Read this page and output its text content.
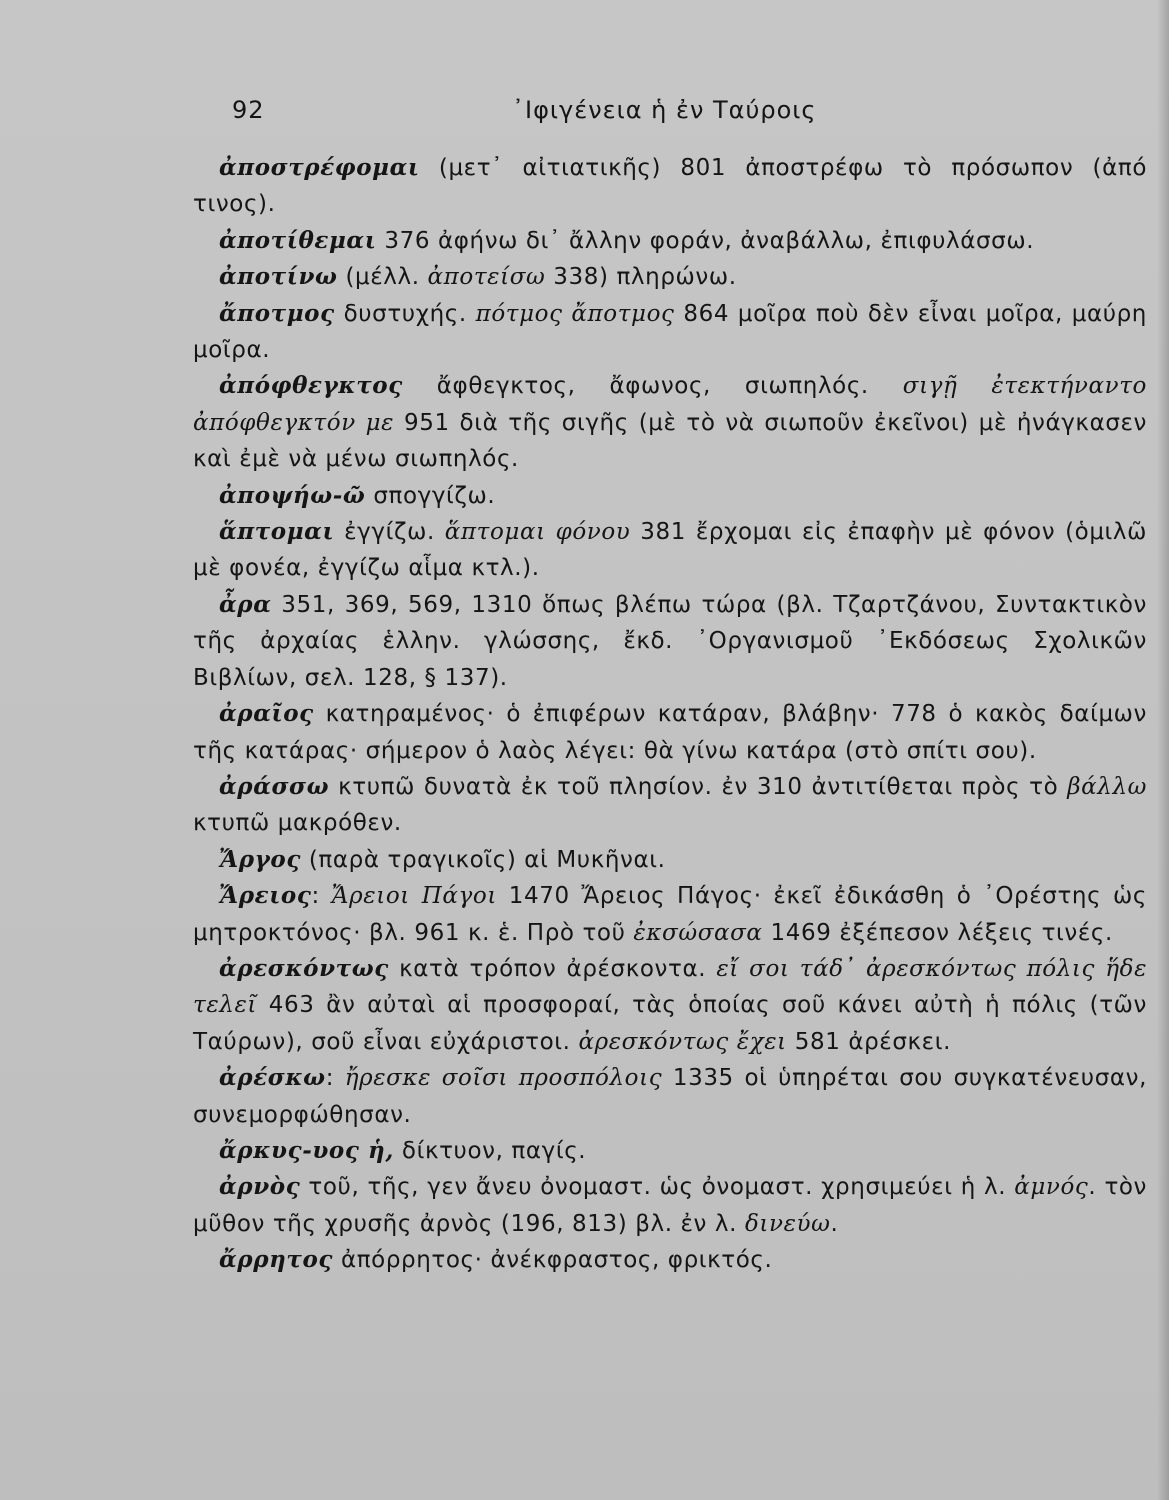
92	᾿Ιφιγένεια ἡ ἐν Ταύροις

ἀποστρέφομαι (μετ᾽ αἰτιατικῆς) 801 ἀποστρέφω τὸ πρόσωπον (ἀπό τινος).

ἀποτίθεμαι 376 ἀφήνω δι᾽ ἄλλην φοράν, ἀναβάλλω, ἐπιφυλάσσω.

ἀποτίνω (μέλλ. ἀποτείσω 338) πληρώνω.

ἄποτμος δυστυχής. πότμος ἄποτμος 864 μοῖρα ποὺ δὲν εἶναι μοῖρα, μαύρη μοῖρα.

ἀπόφθεγκτος ἄφθεγκτος, ἄφωνος, σιωπηλός. σιγῇ ἐτεκτήναντο ἀπόφθεγκτόν με 951 διὰ τῆς σιγῆς (μὲ τὸ νὰ σιωποῦν ἐκεῖνοι) μὲ ἠνάγκασεν καὶ ἐμὲ νὰ μένω σιωπηλός.

ἀποψήω-ῶ σπογγίζω.

ἅπτομαι ἐγγίζω. ἅπτομαι φόνου 381 ἔρχομαι εἰς ἐπαφὴν μὲ φόνον (ὁμιλῶ μὲ φονέα, ἐγγίζω αἷμα κτλ.).

ἆρα 351, 369, 569, 1310 ὅπως βλέπω τώρα (βλ. Τζαρτζάνου, Συντακτικὸν τῆς ἀρχαίας ἑλλην. γλώσσης, ἔκδ. ᾿Οργανισμοῦ ᾿Εκδόσεως Σχολικῶν Βιβλίων, σελ. 128, § 137).

ἀραῖος κατηραμένος· ὁ ἐπιφέρων κατάραν, βλάβην· 778 ὁ κακὸς δαίμων τῆς κατάρας· σήμερον ὁ λαὸς λέγει: θὰ γίνω κατάρα (στὸ σπίτι σου).

ἀράσσω κτυπῶ δυνατὰ ἐκ τοῦ πλησίον. ἐν 310 ἀντιτίθεται πρὸς τὸ βάλλω κτυπῶ μακρόθεν.

Ἄργος (παρὰ τραγικοῖς) αἱ Μυκῆναι.

Ἄρειος: Ἄρειοι Πάγοι 1470 Ἄρειος Πάγος· ἐκεῖ ἐδικάσθη ὁ ᾿Ορέστης ὡς μητροκτόνος· βλ. 961 κ. ἑ. Πρὸ τοῦ ἐκσώσασα 1469 ἐξέπεσον λέξεις τινές.

ἀρεσκόντως κατὰ τρόπον ἀρέσκοντα. εἴ σοι τάδ᾽ ἀρεσκόντως πόλις ἥδε τελεῖ 463 ἂν αὐταὶ αἱ προσφοραί, τὰς ὁποίας σοῦ κάνει αὐτὴ ἡ πόλις (τῶν Ταύρων), σοῦ εἶναι εὐχάριστοι. ἀρεσκόντως ἔχει 581 ἀρέσκει.

ἀρέσκω: ἤρεσκε σοῖσι προσπόλοις 1335 οἱ ὑπηρέται σου συγκατένευσαν, συνεμορφώθησαν.

ἄρκυς-υος ἡ, δίκτυον, παγίς.

ἀρνὸς τοῦ, τῆς, γεν ἄνευ ὀνομαστ. ὡς ὀνομαστ. χρησιμεύει ἡ λ. ἀμνός. τὸν μῦθον τῆς χρυσῆς ἀρνὸς (196, 813) βλ. ἐν λ. δινεύω.

ἄρρητος ἀπόρρητος· ἀνέκφραστος, φρικτός.
